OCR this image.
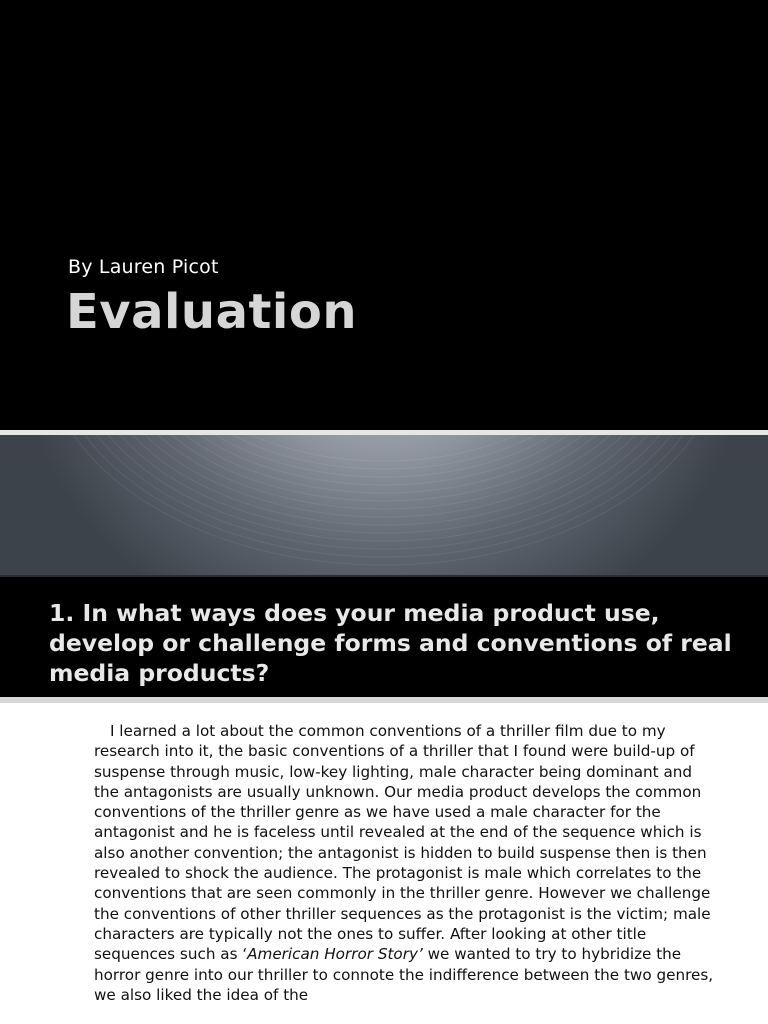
By Lauren Picot
Evaluation
1. In what ways does your media product use, develop or challenge forms and conventions of real media products?

I learned a lot about the common conventions of a thriller film due to my research into it, the basic conventions of a thriller that I found were build-up of suspense through music, low-key lighting, male character being dominant and the antagonists are usually unknown. Our media product develops the common conventions of the thriller genre as we have used a male character for the antagonist and he is faceless until revealed at the end of the sequence which is also another convention; the antagonist is hidden to build suspense then is then revealed to shock the audience. The protagonist is male which correlates to the conventions that are seen commonly in the thriller genre. However we challenge the conventions of other thriller sequences as the protagonist is the victim; male characters are typically not the ones to suffer. After looking at other title sequences such as ‘American Horror Story’ we wanted to try to hybridize the horror genre into our thriller to connote the indifference between the two genres, we also liked the idea of the
